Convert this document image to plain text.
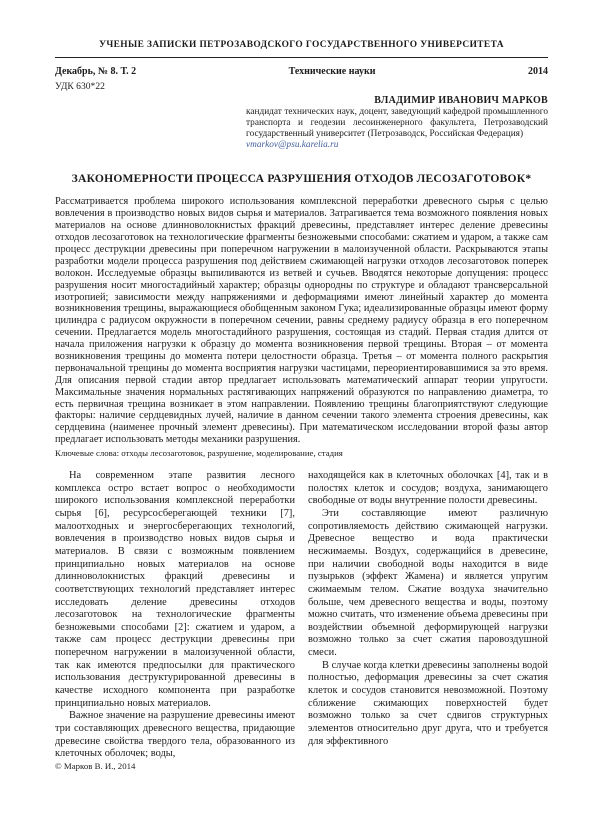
УЧЕНЫЕ ЗАПИСКИ ПЕТРОЗАВОДСКОГО ГОСУДАРСТВЕННОГО УНИВЕРСИТЕТА
Декабрь, № 8. Т. 2	Технические науки	2014
УДК 630*22
ВЛАДИМИР ИВАНОВИЧ МАРКОВ
кандидат технических наук, доцент, заведующий кафедрой промышленного транспорта и геодезии лесоинженерного факультета, Петрозаводский государственный университет (Петрозаводск, Российская Федерация)
vmarkov@psu.karelia.ru
ЗАКОНОМЕРНОСТИ ПРОЦЕССА РАЗРУШЕНИЯ ОТХОДОВ ЛЕСОЗАГОТОВОК*
Рассматривается проблема широкого использования комплексной переработки древесного сырья с целью вовлечения в производство новых видов сырья и материалов. Затрагивается тема возможного появления новых материалов на основе длинноволокнистых фракций древесины, представляет интерес деление древесины отходов лесозаготовок на технологические фрагменты безножевыми способами: сжатием и ударом, а также сам процесс деструкции древесины при поперечном нагружении в малоизученной области. Раскрываются этапы разработки модели процесса разрушения под действием сжимающей нагрузки отходов лесозаготовок поперек волокон. Исследуемые образцы выпиливаются из ветвей и сучьев. Вводятся некоторые допущения: процесс разрушения носит многостадийный характер; образцы однородны по структуре и обладают трансверсальной изотропией; зависимости между напряжениями и деформациями имеют линейный характер до момента возникновения трещины, выражающиеся обобщенным законом Гука; идеализированные образцы имеют форму цилиндра с радиусом окружности в поперечном сечении, равны среднему радиусу образца в его поперечном сечении. Предлагается модель многостадийного разрушения, состоящая из стадий. Первая стадия длится от начала приложения нагрузки к образцу до момента возникновения первой трещины. Вторая – от момента возникновения трещины до момента потери целостности образца. Третья – от момента полного раскрытия первоначальной трещины до момента восприятия нагрузки частицами, переориентировавшимися за это время. Для описания первой стадии автор предлагает использовать математический аппарат теории упругости. Максимальные значения нормальных растягивающих напряжений образуются по направлению диаметра, то есть первичная трещина возникает в этом направлении. Появлению трещины благоприятствуют следующие факторы: наличие сердцевидных лучей, наличие в данном сечении такого элемента строения древесины, как сердцевина (наименее прочный элемент древесины). При математическом исследовании второй фазы автор предлагает использовать методы механики разрушения.
Ключевые слова: отходы лесозаготовок, разрушение, моделирование, стадия

На современном этапе развития лесного комплекса остро встает вопрос о необходимости широкого использования комплексной переработки сырья [6], ресурсосберегающей техники [7], малоотходных и энергосберегающих технологий, вовлечения в производство новых видов сырья и материалов. В связи с возможным появлением принципиально новых материалов на основе длинноволокнистых фракций древесины и соответствующих технологий представляет интерес исследовать деление древесины отходов лесозаготовок на технологические фрагменты безножевыми способами [2]: сжатием и ударом, а также сам процесс деструкции древесины при поперечном нагружении в малоизученной области, так как имеются предпосылки для практического использования деструктурированной древесины в качестве исходного компонента при разработке принципиально новых материалов.

Важное значение на разрушение древесины имеют три составляющих древесного вещества, придающие древесине свойства твердого тела, образованного из клеточных оболочек; воды,

© Марков В. И., 2014

находящейся как в клеточных оболочках [4], так и в полостях клеток и сосудов; воздуха, занимающего свободные от воды внутренние полости древесины.

Эти составляющие имеют различную сопротивляемость действию сжимающей нагрузки. Древесное вещество и вода практически несжимаемы. Воздух, содержащийся в древесине, при наличии свободной воды находится в виде пузырьков (эффект Жамена) и является упругим сжимаемым телом. Сжатие воздуха значительно больше, чем древесного вещества и воды, поэтому можно считать, что изменение объема древесины при воздействии объемной деформирующей нагрузки возможно только за счет сжатия паровоздушной смеси.

В случае когда клетки древесины заполнены водой полностью, деформация древесины за счет сжатия клеток и сосудов становится невозможной. Поэтому сближение сжимающих поверхностей будет возможно только за счет сдвигов структурных элементов относительно друг друга, что и требуется для эффективного
